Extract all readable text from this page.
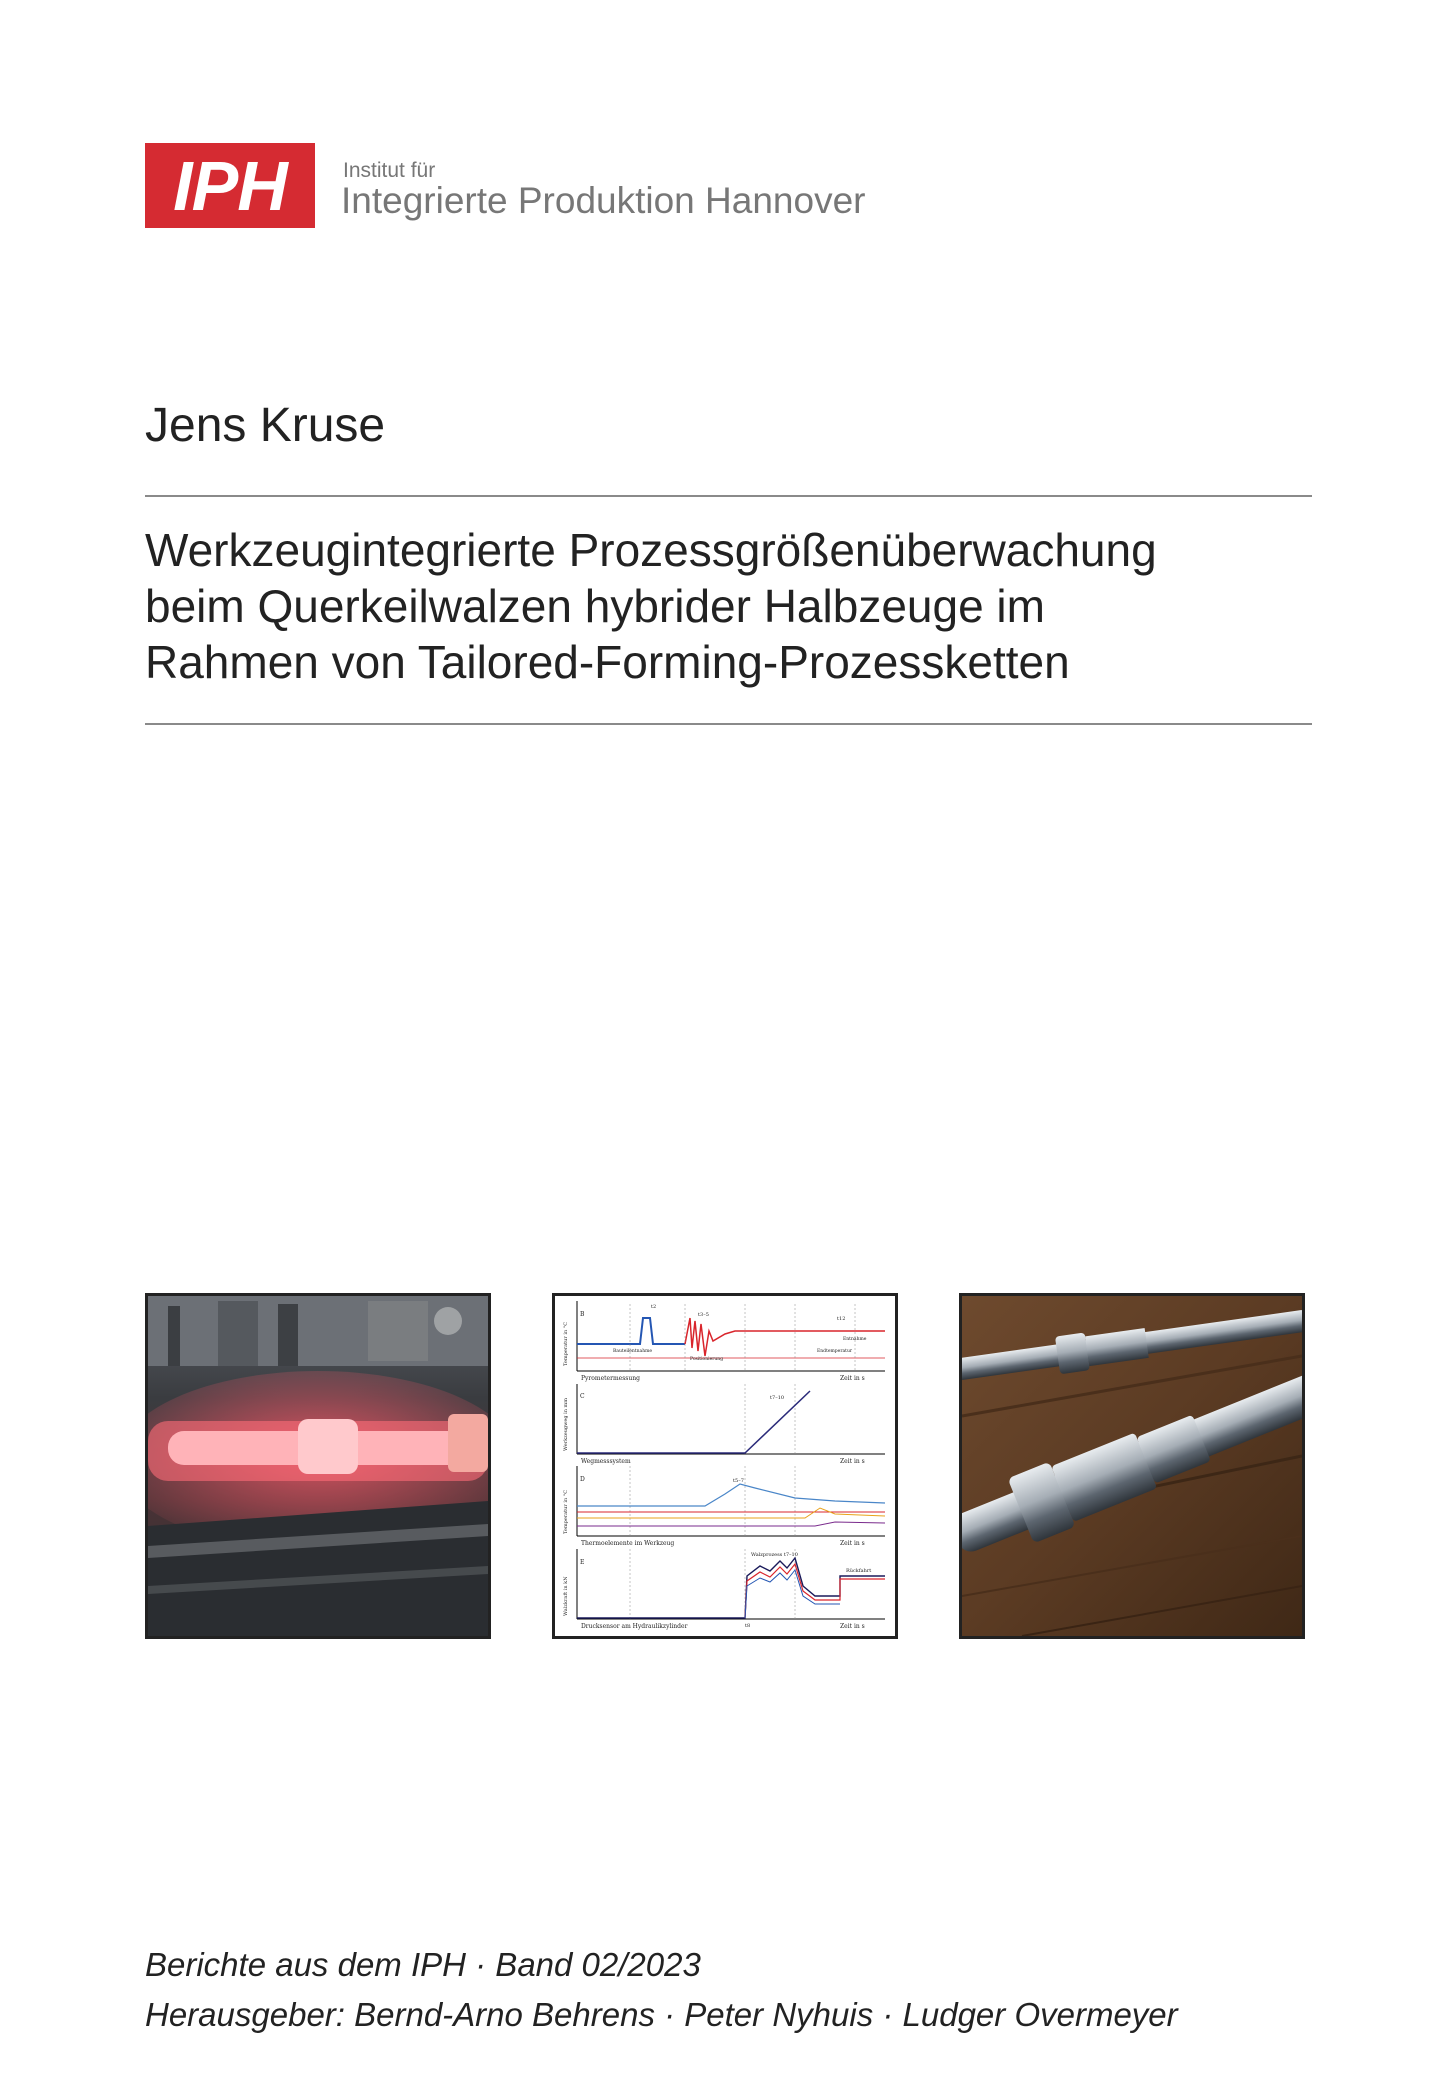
IPH	Institut für
Integrierte Produktion Hannover
Jens Kruse
Werkzeugintegrierte Prozessgrößenüberwachung
beim Querkeilwalzen hybrider Halbzeuge im
Rahmen von Tailored-Forming-Prozessketten
B
Temperatur in °C
Pyrometermessung	Zeit in s
t2
t3–5
t12
Bauteilentnahme
Positionierung
Endtemperatur
Entnahme
C
Werkzeugweg in mm
Wegmesssystem	Zeit in s
t7–10
D
Temperatur in °C
Thermoelemente im Werkzeug	Zeit in s
t5–7
E
Walzkraft in kN
Drucksensor am Hydraulikzylinder	Zeit in s
Walzprozess t7–10
Rückfahrt
t8
Berichte aus dem IPH · Band 02/2023
Herausgeber: Bernd-Arno Behrens · Peter Nyhuis · Ludger Overmeyer
